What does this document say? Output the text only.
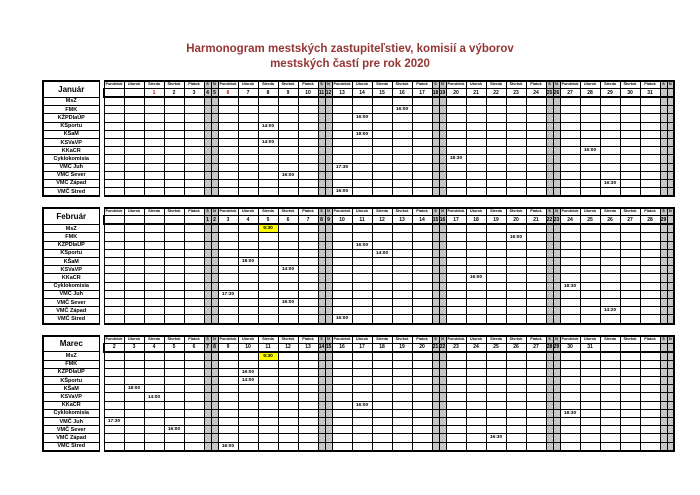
Harmonogram mestských zastupiteľstiev, komisií a výborov
mestských častí pre rok 2020
Január		Pondelok	Utorok	Streda	Štvrtok	Piatok	S	N	Pondelok	Utorok	Streda	Štvrtok	Piatok	S	N	Pondelok	Utorok	Streda	Štvrtok	Piatok	S	N	Pondelok	Utorok	Streda	Štvrtok	Piatok	S	N	Pondelok	Utorok	Streda	Štvrtok	Piatok	S	N
				1	2	3	4	5	6	7	8	9	10	11	12	13	14	15	16	17	18	19	20	21	22	23	24	25	26	27	28	29	30	31		
MsZ																																				
FMK																			16:00																	
KŽPDIaÚP																	16:00																			
KŠportu											14:00																									
KŠaM																	18:00																			
KSVaVP											14:00																									
KKaCR																															16:00					
Cyklokomisia																							18:30													
VMČ Juh																17:30																				
VMČ Sever												16:00																								
VMČ Západ																																16:30				
VMČ Stred																16:00																				
Február		Pondelok	Utorok	Streda	Štvrtok	Piatok	S	N	Pondelok	Utorok	Streda	Štvrtok	Piatok	S	N	Pondelok	Utorok	Streda	Štvrtok	Piatok	S	N	Pondelok	Utorok	Streda	Štvrtok	Piatok	S	N	Pondelok	Utorok	Streda	Štvrtok	Piatok	S	N
							1	2	3	4	5	6	7	8	9	10	11	12	13	14	15	16	17	18	19	20	21	22	23	24	25	26	27	28	29	
MsZ											9:30																									
FMK																										16:00										
KŽPDIaÚP																	16:00																			
KŠportu																		14:00																		
KŠaM										18:00																										
KSVaVP												14:00																								
KKaCR																								16:00												
Cyklokomisia																														18:30						
VMČ Juh									17:30																											
VMČ Sever												16:00																								
VMČ Západ																																14:20				
VMČ Stred																16:00																				
Marec		Pondelok	Utorok	Streda	Štvrtok	Piatok	S	N	Pondelok	Utorok	Streda	Štvrtok	Piatok	S	N	Pondelok	Utorok	Streda	Štvrtok	Piatok	S	N	Pondelok	Utorok	Streda	Štvrtok	Piatok	S	N	Pondelok	Utorok	Streda	Štvrtok	Piatok	S	N
		2	3	4	5	6	7	8	9	10	11	12	13	14	15	16	17	18	19	20	21	22	23	24	25	26	27	28	29	30	31					
MsZ											9:30																									
FMK																																				
KŽPDIaÚP										16:00																										
KŠportu										14:00																										
KŠaM			18:00																																	
KSVaVP				14:00																																
KKaCR																	16:00																			
Cyklokomisia																														18:30						
VMČ Juh		17:30																																		
VMČ Sever					16:00																															
VMČ Západ																									16:30											
VMČ Stred									16:00																											
